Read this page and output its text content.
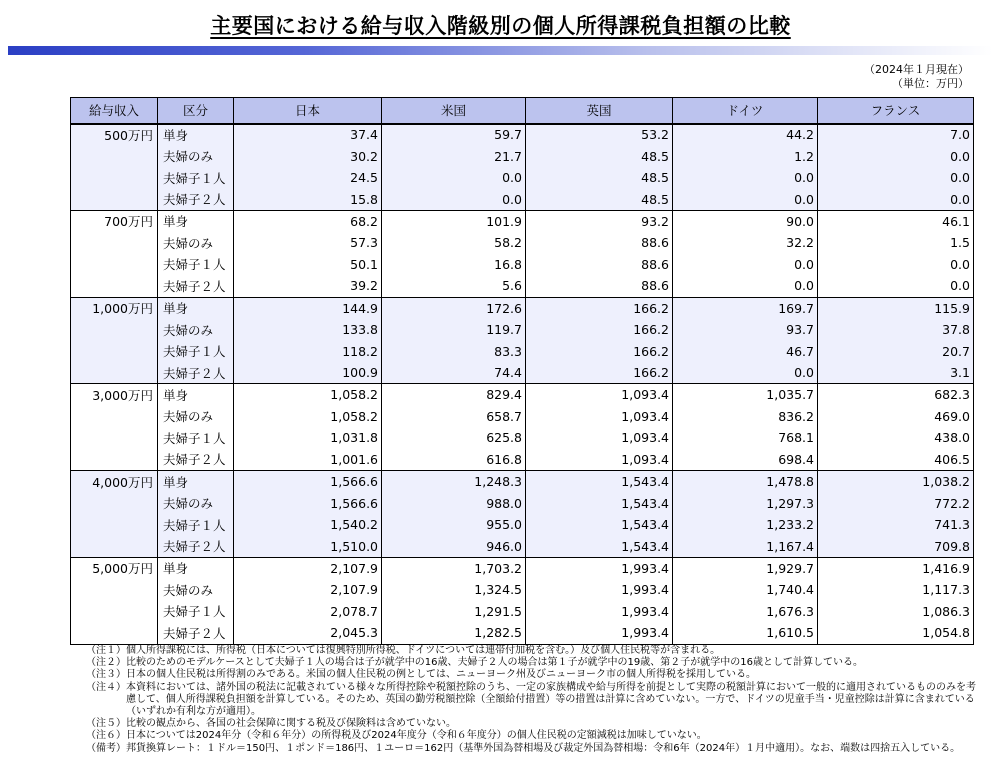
主要国における給与収入階級別の個人所得課税負担額の比較
（2024年１月現在）
（単位：万円）
給与収入	区分	日本	米国	英国	ドイツ	フランス
500万円	単身	37.4	59.7	53.2	44.2	7.0
	夫婦のみ	30.2	21.7	48.5	1.2	0.0
	夫婦子１人	24.5	0.0	48.5	0.0	0.0
	夫婦子２人	15.8	0.0	48.5	0.0	0.0
700万円	単身	68.2	101.9	93.2	90.0	46.1
	夫婦のみ	57.3	58.2	88.6	32.2	1.5
	夫婦子１人	50.1	16.8	88.6	0.0	0.0
	夫婦子２人	39.2	5.6	88.6	0.0	0.0
1,000万円	単身	144.9	172.6	166.2	169.7	115.9
	夫婦のみ	133.8	119.7	166.2	93.7	37.8
	夫婦子１人	118.2	83.3	166.2	46.7	20.7
	夫婦子２人	100.9	74.4	166.2	0.0	3.1
3,000万円	単身	1,058.2	829.4	1,093.4	1,035.7	682.3
	夫婦のみ	1,058.2	658.7	1,093.4	836.2	469.0
	夫婦子１人	1,031.8	625.8	1,093.4	768.1	438.0
	夫婦子２人	1,001.6	616.8	1,093.4	698.4	406.5
4,000万円	単身	1,566.6	1,248.3	1,543.4	1,478.8	1,038.2
	夫婦のみ	1,566.6	988.0	1,543.4	1,297.3	772.2
	夫婦子１人	1,540.2	955.0	1,543.4	1,233.2	741.3
	夫婦子２人	1,510.0	946.0	1,543.4	1,167.4	709.8
5,000万円	単身	2,107.9	1,703.2	1,993.4	1,929.7	1,416.9
	夫婦のみ	2,107.9	1,324.5	1,993.4	1,740.4	1,117.3
	夫婦子１人	2,078.7	1,291.5	1,993.4	1,676.3	1,086.3
	夫婦子２人	2,045.3	1,282.5	1,993.4	1,610.5	1,054.8
（注１） 個人所得課税には、所得税（日本については復興特別所得税、ドイツについては連帯付加税を含む。）及び個人住民税等が含まれる。
（注２） 比較のためのモデルケースとして夫婦子１人の場合は子が就学中の16歳、夫婦子２人の場合は第１子が就学中の19歳、第２子が就学中の16歳として計算している。
（注３） 日本の個人住民税は所得割のみである。米国の個人住民税の例としては、ニューヨーク州及びニューヨーク市の個人所得税を採用している。
（注４） 本資料においては、諸外国の税法に記載されている様々な所得控除や税額控除のうち、一定の家族構成や給与所得を前提として実際の税額計算において一般的に適用されているもののみを考慮して、個人所得課税負担額を計算している。そのため、英国の勤労税額控除（全額給付措置）等の措置は計算に含めていない。一方で、ドイツの児童手当・児童控除は計算に含まれている（いずれか有利な方が適用）。
（注５） 比較の観点から、各国の社会保障に関する税及び保険料は含めていない。
（注６） 日本については2024年分（令和６年分）の所得税及び2024年度分（令和６年度分）の個人住民税の定額減税は加味していない。
（備考） 邦貨換算レート：１ドル＝150円、１ポンド＝186円、１ユーロ＝162円（基準外国為替相場及び裁定外国為替相場：令和6年（2024年）１月中適用）。なお、端数は四捨五入している。
